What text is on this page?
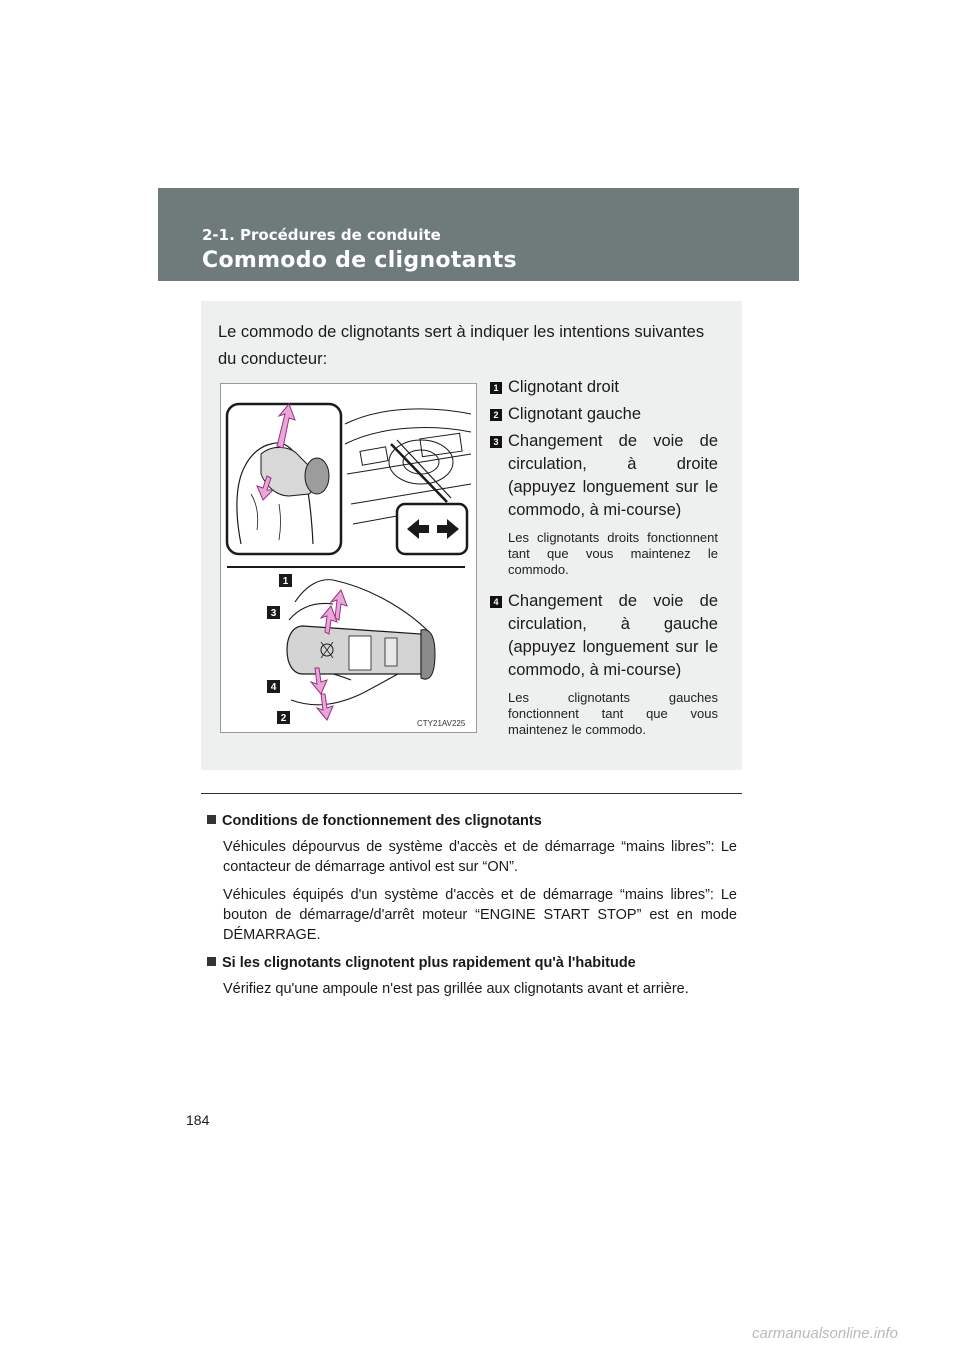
2-1. Procédures de conduite
Commodo de clignotants
Le commodo de clignotants sert à indiquer les intentions suivantes du conducteur:
1
3
4
2	CTY21AV225
1 Clignotant droit
2 Clignotant gauche
3 Changement de voie de circulation, à droite (appuyez longuement sur le commodo, à mi-course)
Les clignotants droits fonctionnent tant que vous maintenez le commodo.
4 Changement de voie de circulation, à gauche (appuyez longuement sur le commodo, à mi-course)
Les clignotants gauches fonctionnent tant que vous maintenez le commodo.
Conditions de fonctionnement des clignotants
Véhicules dépourvus de système d'accès et de démarrage “mains libres”: Le contacteur de démarrage antivol est sur “ON”.
Véhicules équipés d'un système d'accès et de démarrage “mains libres”: Le bouton de démarrage/d'arrêt moteur “ENGINE START STOP” est en mode DÉMARRAGE.
Si les clignotants clignotent plus rapidement qu'à l'habitude
Vérifiez qu'une ampoule n'est pas grillée aux clignotants avant et arrière.
184
carmanualsonline.info
